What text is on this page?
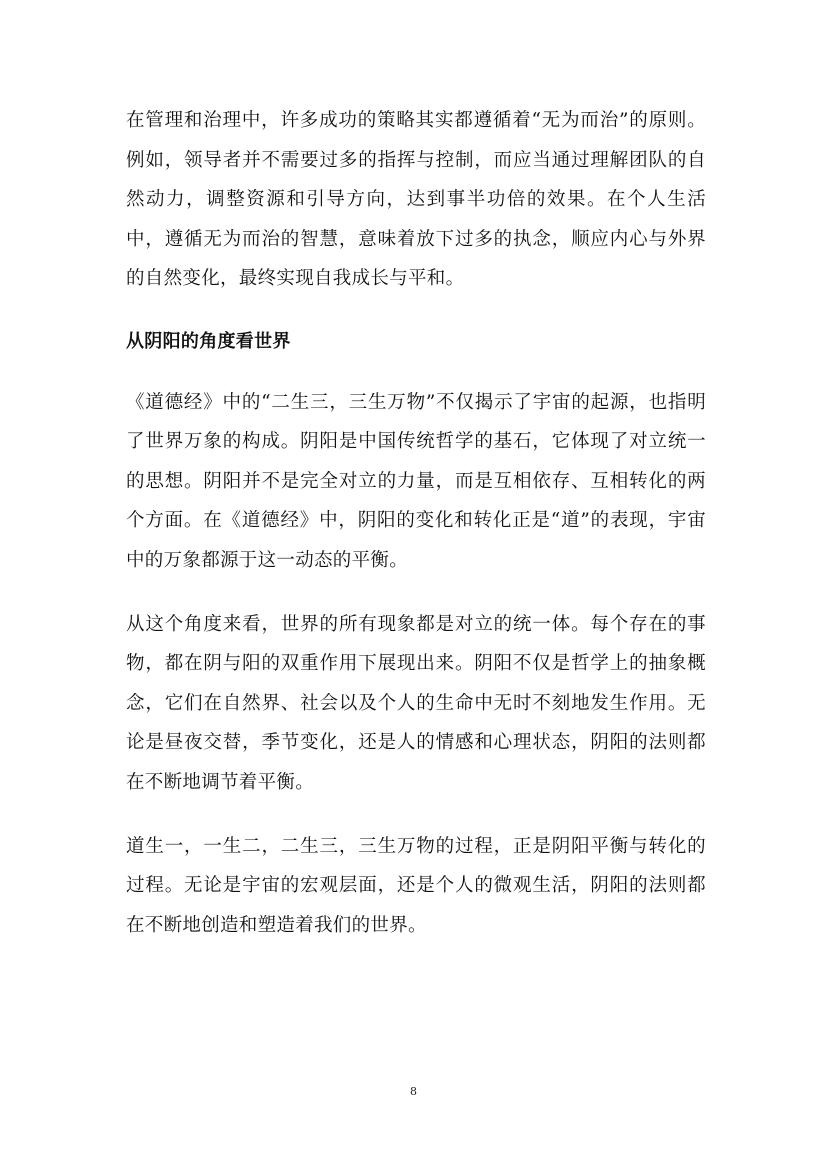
在管理和治理中，许多成功的策略其实都遵循着“无为而治”的原则。例如，领导者并不需要过多的指挥与控制，而应当通过理解团队的自然动力，调整资源和引导方向，达到事半功倍的效果。在个人生活中，遵循无为而治的智慧，意味着放下过多的执念，顺应内心与外界的自然变化，最终实现自我成长与平和。

从阴阳的角度看世界

《道德经》中的“二生三，三生万物”不仅揭示了宇宙的起源，也指明了世界万象的构成。阴阳是中国传统哲学的基石，它体现了对立统一的思想。阴阳并不是完全对立的力量，而是互相依存、互相转化的两个方面。在《道德经》中，阴阳的变化和转化正是“道”的表现，宇宙中的万象都源于这一动态的平衡。

从这个角度来看，世界的所有现象都是对立的统一体。每个存在的事物，都在阴与阳的双重作用下展现出来。阴阳不仅是哲学上的抽象概念，它们在自然界、社会以及个人的生命中无时不刻地发生作用。无论是昼夜交替，季节变化，还是人的情感和心理状态，阴阳的法则都在不断地调节着平衡。

道生一，一生二，二生三，三生万物的过程，正是阴阳平衡与转化的过程。无论是宇宙的宏观层面，还是个人的微观生活，阴阳的法则都在不断地创造和塑造着我们的世界。

8
